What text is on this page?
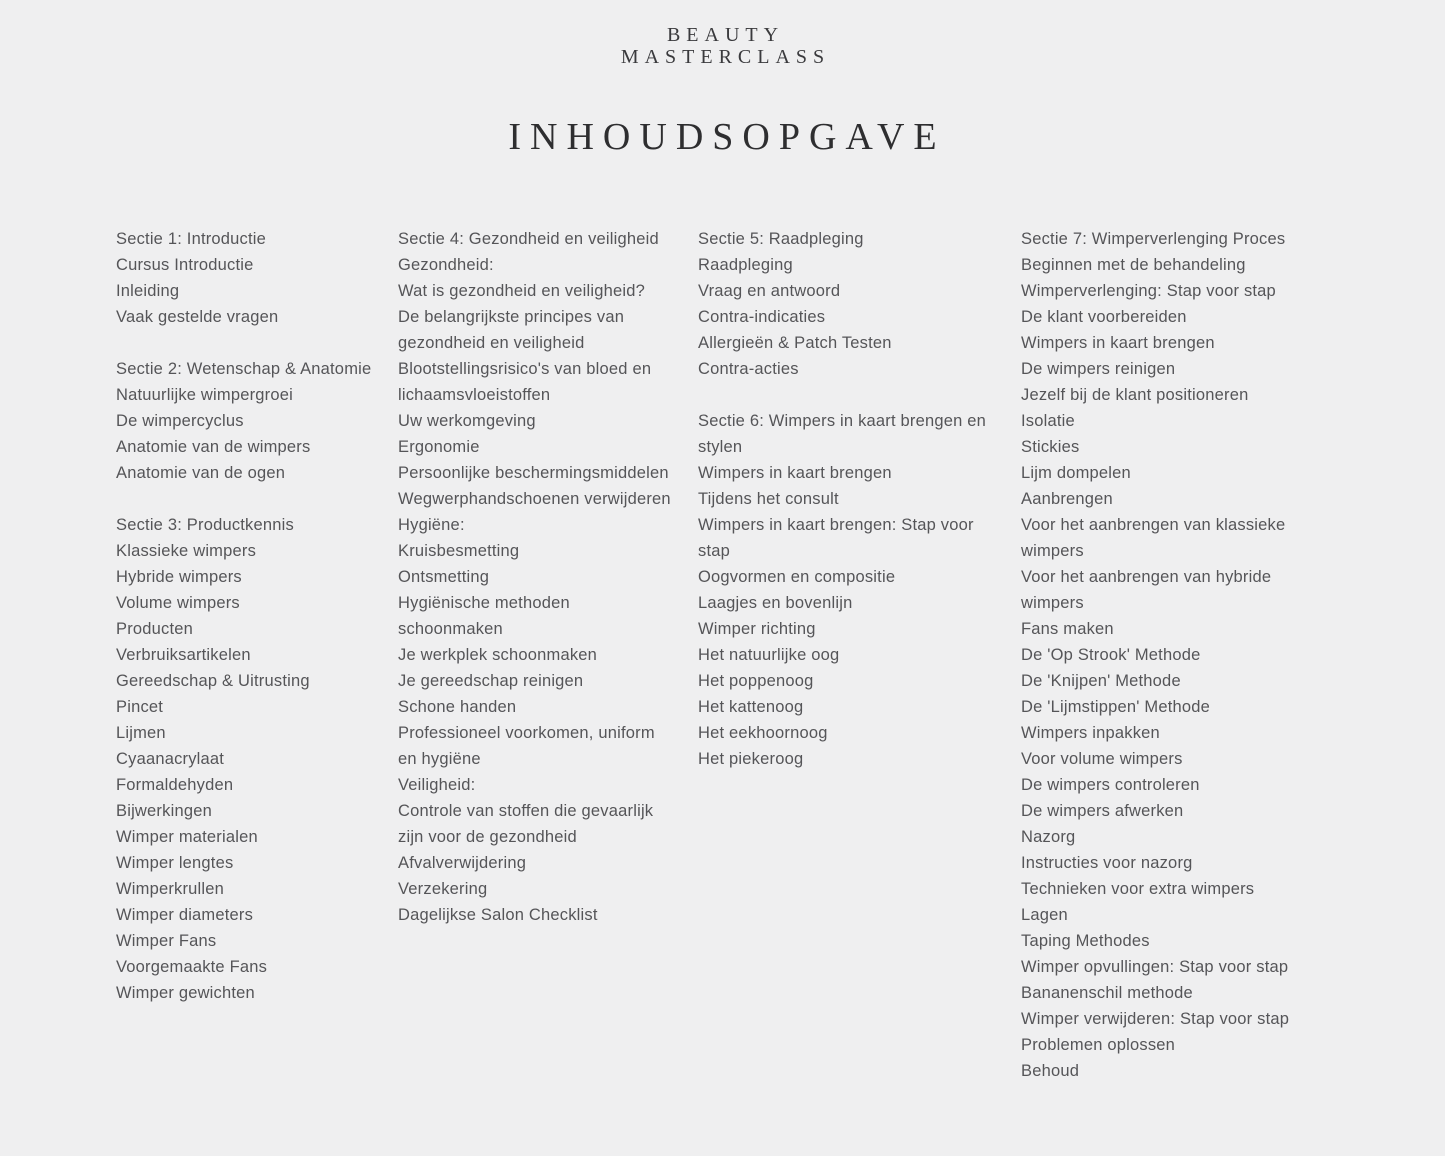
BEAUTY
MASTERCLASS
INHOUDSOPGAVE
Sectie 1: Introductie
Cursus Introductie
Inleiding
Vaak gestelde vragen
Sectie 2: Wetenschap & Anatomie
Natuurlijke wimpergroei
De wimpercyclus
Anatomie van de wimpers
Anatomie van de ogen
Sectie 3: Productkennis
Klassieke wimpers
Hybride wimpers
Volume wimpers
Producten
Verbruiksartikelen
Gereedschap & Uitrusting
Pincet
Lijmen
Cyaanacrylaat
Formaldehyden
Bijwerkingen
Wimper materialen
Wimper lengtes
Wimperkrullen
Wimper diameters
Wimper Fans
Voorgemaakte Fans
Wimper gewichten
Sectie 4: Gezondheid en veiligheid
Gezondheid:
Wat is gezondheid en veiligheid?
De belangrijkste principes van
gezondheid en veiligheid
Blootstellingsrisico's van bloed en
lichaamsvloeistoffen
Uw werkomgeving
Ergonomie
Persoonlijke beschermingsmiddelen
Wegwerphandschoenen verwijderen
Hygiëne:
Kruisbesmetting
Ontsmetting
Hygiënische methoden
schoonmaken
Je werkplek schoonmaken
Je gereedschap reinigen
Schone handen
Professioneel voorkomen, uniform
en hygiëne
Veiligheid:
Controle van stoffen die gevaarlijk
zijn voor de gezondheid
Afvalverwijdering
Verzekering
Dagelijkse Salon Checklist
Sectie 5: Raadpleging
Raadpleging
Vraag en antwoord
Contra-indicaties
Allergieën & Patch Testen
Contra-acties
Sectie 6: Wimpers in kaart brengen en
stylen
Wimpers in kaart brengen
Tijdens het consult
Wimpers in kaart brengen: Stap voor
stap
Oogvormen en compositie
Laagjes en bovenlijn
Wimper richting
Het natuurlijke oog
Het poppenoog
Het kattenoog
Het eekhoornoog
Het piekeroog
Sectie 7: Wimperverlenging Proces
Beginnen met de behandeling
Wimperverlenging: Stap voor stap
De klant voorbereiden
Wimpers in kaart brengen
De wimpers reinigen
Jezelf bij de klant positioneren
Isolatie
Stickies
Lijm dompelen
Aanbrengen
Voor het aanbrengen van klassieke
wimpers
Voor het aanbrengen van hybride
wimpers
Fans maken
De 'Op Strook' Methode
De 'Knijpen' Methode
De 'Lijmstippen' Methode
Wimpers inpakken
Voor volume wimpers
De wimpers controleren
De wimpers afwerken
Nazorg
Instructies voor nazorg
Technieken voor extra wimpers
Lagen
Taping Methodes
Wimper opvullingen: Stap voor stap
Bananenschil methode
Wimper verwijderen: Stap voor stap
Problemen oplossen
Behoud
